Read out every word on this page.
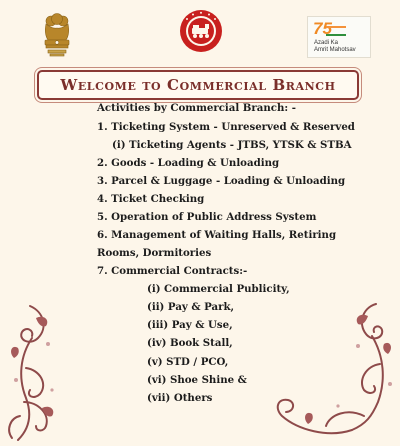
75
Azadi Ka
Amrit Mahotsav
Welcome to Commercial Branch
Activities by Commercial Branch: -
1. Ticketing System - Unreserved & Reserved
(i) Ticketing Agents - JTBS, YTSK & STBA
2. Goods - Loading & Unloading
3. Parcel & Luggage - Loading & Unloading
4. Ticket Checking
5. Operation of Public Address System
6. Management of Waiting Halls, Retiring
Rooms, Dormitories
7. Commercial Contracts:-
(i) Commercial Publicity,
(ii) Pay & Park,
(iii) Pay & Use,
(iv) Book Stall,
(v) STD / PCO,
(vi) Shoe Shine &
(vii) Others
